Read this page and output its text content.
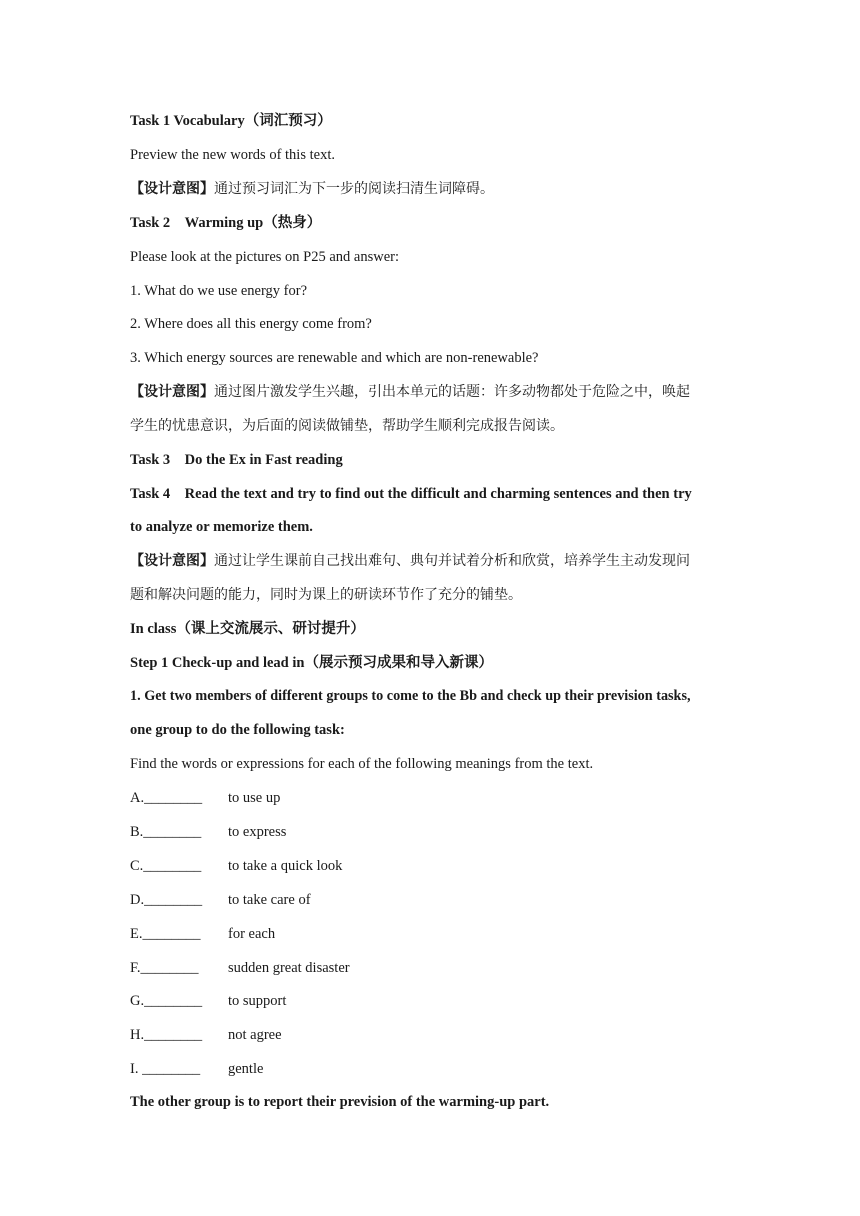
Task 1 Vocabulary（词汇预习）
Preview the new words of this text.
【设计意图】通过预习词汇为下一步的阅读扫清生词障碍。
Task 2　Warming up（热身）
Please look at the pictures on P25 and answer:
1. What do we use energy for?
2. Where does all this energy come from?
3. Which energy sources are renewable and which are non-renewable?
【设计意图】通过图片激发学生兴趣，引出本单元的话题：许多动物都处于危险之中，唤起
学生的忧患意识，为后面的阅读做铺垫，帮助学生顺利完成报告阅读。
Task 3　Do the Ex in Fast reading
Task 4　Read the text and try to find out the difficult and charming sentences and then try
to analyze or memorize them.
【设计意图】通过让学生课前自己找出难句、典句并试着分析和欣赏，培养学生主动发现问
题和解决问题的能力，同时为课上的研读环节作了充分的铺垫。
In class（课上交流展示、研讨提升）
Step 1 Check-up and lead in（展示预习成果和导入新课）
1. Get two members of different groups to come to the Bb and check up their prevision tasks,
one group to do the following task:
Find the words or expressions for each of the following meanings from the text.
A.________ to use up
B.________ to express
C.________ to take a quick look
D.________ to take care of
E.________ for each
F.________ sudden great disaster
G.________ to support
H.________ not agree
I. ________ gentle
The other group is to report their prevision of the warming-up part.
